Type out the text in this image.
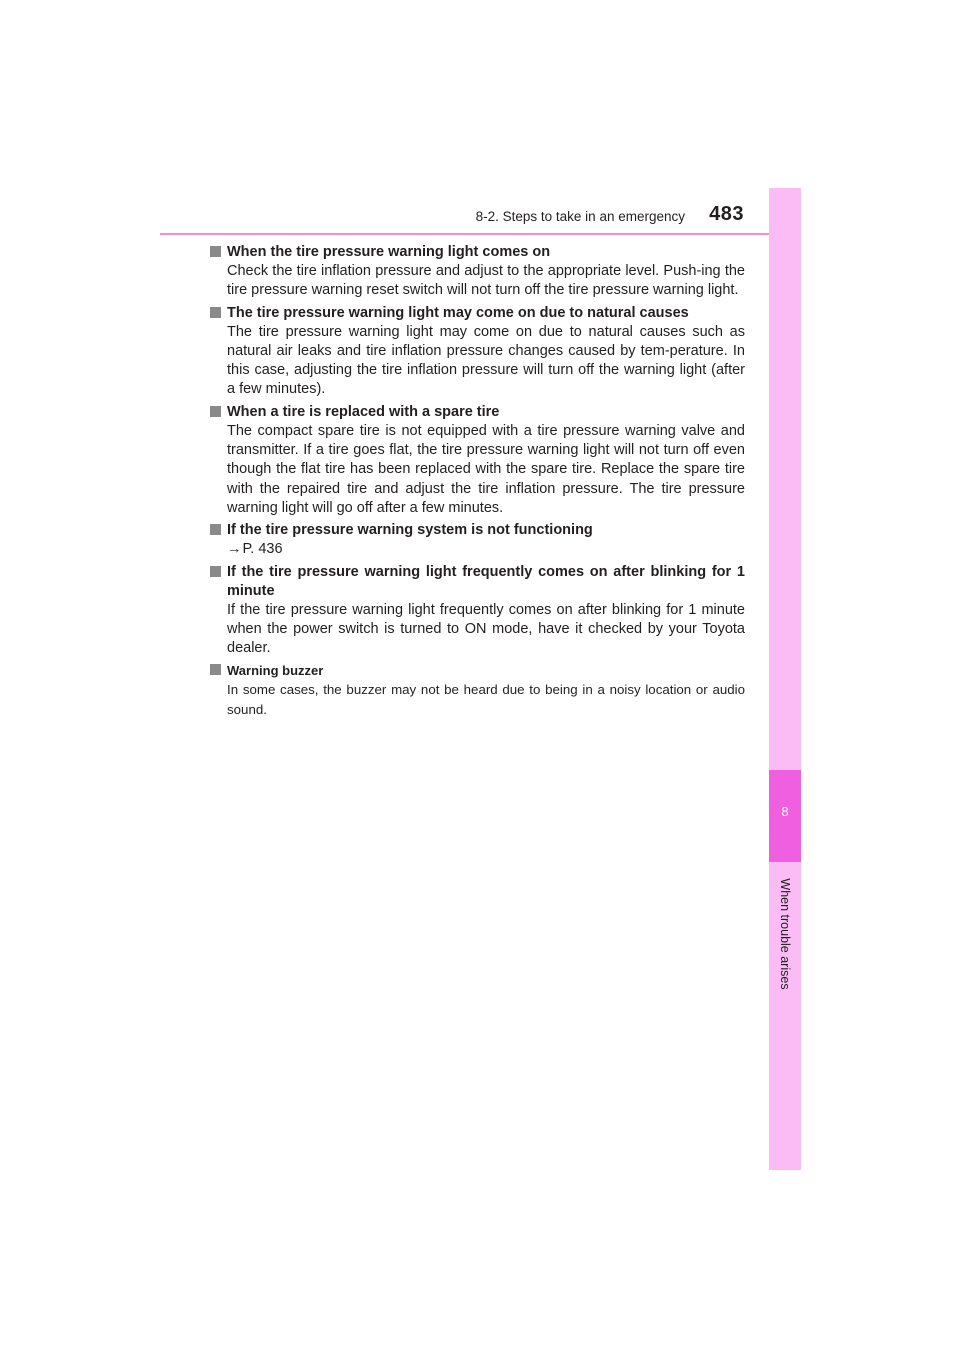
8-2. Steps to take in an emergency 483
8
When trouble arises
When the tire pressure warning light comes on
Check the tire inflation pressure and adjust to the appropriate level. Push-ing the tire pressure warning reset switch will not turn off the tire pressure warning light.
The tire pressure warning light may come on due to natural causes
The tire pressure warning light may come on due to natural causes such as natural air leaks and tire inflation pressure changes caused by tem-perature. In this case, adjusting the tire inflation pressure will turn off the warning light (after a few minutes).
When a tire is replaced with a spare tire
The compact spare tire is not equipped with a tire pressure warning valve and transmitter. If a tire goes flat, the tire pressure warning light will not turn off even though the flat tire has been replaced with the spare tire. Replace the spare tire with the repaired tire and adjust the tire inflation pressure. The tire pressure warning light will go off after a few minutes.
If the tire pressure warning system is not functioning
→P. 436
If the tire pressure warning light frequently comes on after blinking for 1 minute
If the tire pressure warning light frequently comes on after blinking for 1 minute when the power switch is turned to ON mode, have it checked by your Toyota dealer.
Warning buzzer
In some cases, the buzzer may not be heard due to being in a noisy location or audio sound.
